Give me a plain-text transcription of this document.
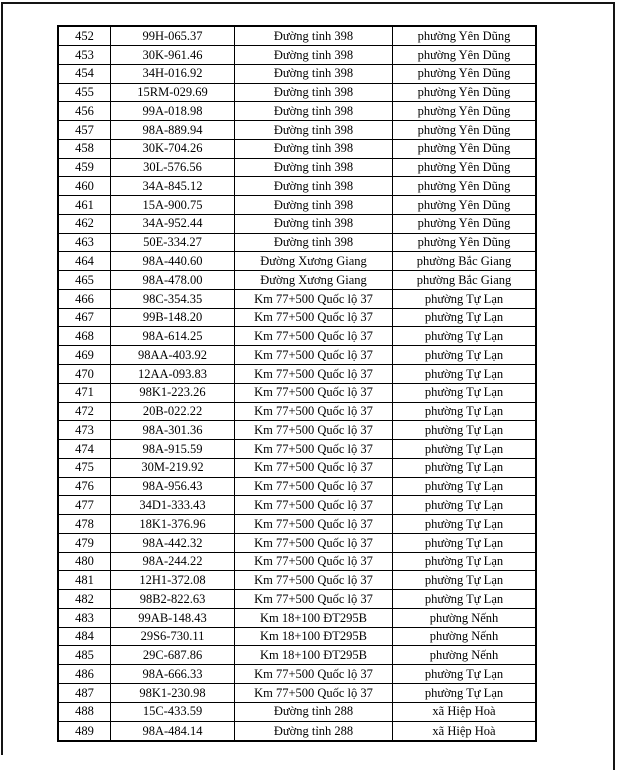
452	99H-065.37	Đường tỉnh 398	phường Yên Dũng
453	30K-961.46	Đường tỉnh 398	phường Yên Dũng
454	34H-016.92	Đường tỉnh 398	phường Yên Dũng
455	15RM-029.69	Đường tỉnh 398	phường Yên Dũng
456	99A-018.98	Đường tỉnh 398	phường Yên Dũng
457	98A-889.94	Đường tỉnh 398	phường Yên Dũng
458	30K-704.26	Đường tỉnh 398	phường Yên Dũng
459	30L-576.56	Đường tỉnh 398	phường Yên Dũng
460	34A-845.12	Đường tỉnh 398	phường Yên Dũng
461	15A-900.75	Đường tỉnh 398	phường Yên Dũng
462	34A-952.44	Đường tỉnh 398	phường Yên Dũng
463	50E-334.27	Đường tỉnh 398	phường Yên Dũng
464	98A-440.60	Đường Xương Giang	phường Bắc Giang
465	98A-478.00	Đường Xương Giang	phường Bắc Giang
466	98C-354.35	Km 77+500 Quốc lộ 37	phường Tự Lạn
467	99B-148.20	Km 77+500 Quốc lộ 37	phường Tự Lạn
468	98A-614.25	Km 77+500 Quốc lộ 37	phường Tự Lạn
469	98AA-403.92	Km 77+500 Quốc lộ 37	phường Tự Lạn
470	12AA-093.83	Km 77+500 Quốc lộ 37	phường Tự Lạn
471	98K1-223.26	Km 77+500 Quốc lộ 37	phường Tự Lạn
472	20B-022.22	Km 77+500 Quốc lộ 37	phường Tự Lạn
473	98A-301.36	Km 77+500 Quốc lộ 37	phường Tự Lạn
474	98A-915.59	Km 77+500 Quốc lộ 37	phường Tự Lạn
475	30M-219.92	Km 77+500 Quốc lộ 37	phường Tự Lạn
476	98A-956.43	Km 77+500 Quốc lộ 37	phường Tự Lạn
477	34D1-333.43	Km 77+500 Quốc lộ 37	phường Tự Lạn
478	18K1-376.96	Km 77+500 Quốc lộ 37	phường Tự Lạn
479	98A-442.32	Km 77+500 Quốc lộ 37	phường Tự Lạn
480	98A-244.22	Km 77+500 Quốc lộ 37	phường Tự Lạn
481	12H1-372.08	Km 77+500 Quốc lộ 37	phường Tự Lạn
482	98B2-822.63	Km 77+500 Quốc lộ 37	phường Tự Lạn
483	99AB-148.43	Km 18+100 ĐT295B	phường Nếnh
484	29S6-730.11	Km 18+100 ĐT295B	phường Nếnh
485	29C-687.86	Km 18+100 ĐT295B	phường Nếnh
486	98A-666.33	Km 77+500 Quốc lộ 37	phường Tự Lạn
487	98K1-230.98	Km 77+500 Quốc lộ 37	phường Tự Lạn
488	15C-433.59	Đường tỉnh 288	xã Hiệp Hoà
489	98A-484.14	Đường tỉnh 288	xã Hiệp Hoà
